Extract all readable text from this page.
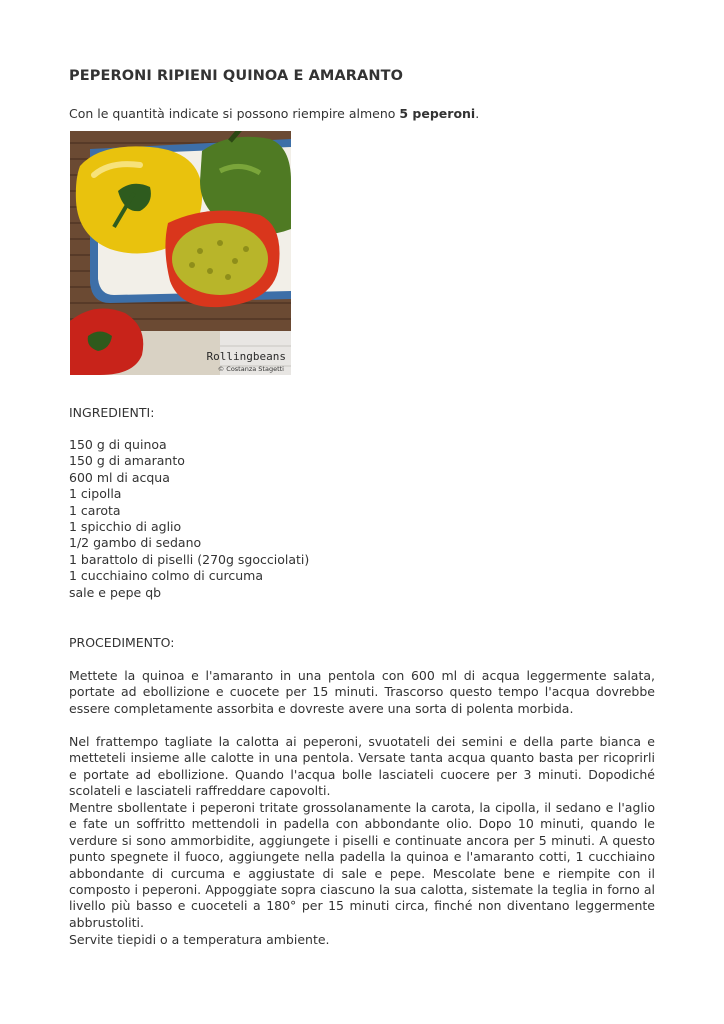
PEPERONI RIPIENI QUINOA E AMARANTO
Con le quantità indicate si possono riempire almeno 5 peperoni.
Rollingbeans
© Costanza Stagetti
INGREDIENTI:
150 g di quinoa
150 g di amaranto
600 ml di acqua
1 cipolla
1 carota
1 spicchio di aglio
1/2 gambo di sedano
1 barattolo di piselli (270g sgocciolati)
1 cucchiaino colmo di curcuma
sale e pepe qb
PROCEDIMENTO:

Mettete la quinoa e l'amaranto in una pentola con 600 ml di acqua leggermente salata, portate ad ebollizione e cuocete per 15 minuti. Trascorso questo tempo l'acqua dovrebbe essere completamente assorbita e dovreste avere una sorta di polenta morbida.

Nel frattempo tagliate la calotta ai peperoni, svuotateli dei semini e della parte bianca e metteteli insieme alle calotte in una pentola. Versate tanta acqua quanto basta per ricoprirli e portate ad ebollizione. Quando l'acqua bolle lasciateli cuocere per 3 minuti. Dopodiché scolateli e lasciateli raffreddare capovolti.

Mentre sbollentate i peperoni tritate grossolanamente la carota, la cipolla, il sedano e l'aglio e fate un soffritto mettendoli in padella con abbondante olio. Dopo 10 minuti, quando le verdure si sono ammorbidite, aggiungete i piselli e continuate ancora per 5 minuti. A questo punto spegnete il fuoco, aggiungete nella padella la quinoa e l'amaranto cotti, 1 cucchiaino abbondante di curcuma e aggiustate di sale e pepe. Mescolate bene e riempite con il composto i peperoni. Appoggiate sopra ciascuno la sua calotta, sistemate la teglia in forno al livello più basso e cuoceteli a 180° per 15 minuti circa, finché non diventano leggermente abbrustoliti.

Servite tiepidi o a temperatura ambiente.
